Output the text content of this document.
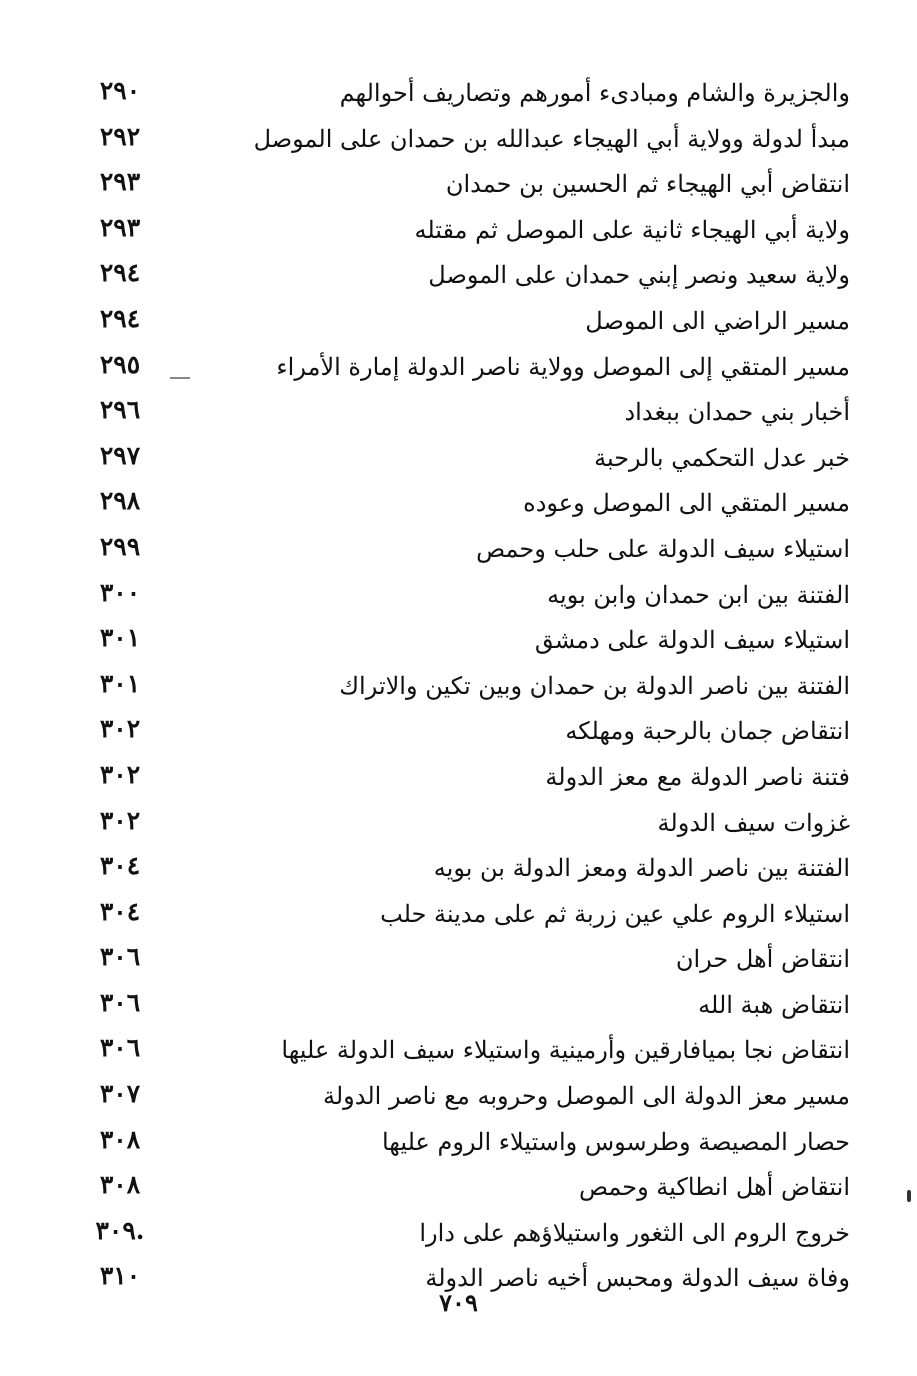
والجزيرة والشام ومبادىء أمورهم وتصاريف أحوالهم
٢٩٠
مبدأ لدولة وولاية أبي الهيجاء عبدالله بن حمدان على الموصل
٢٩٢
انتقاض أبي الهيجاء ثم الحسين بن حمدان
٢٩٣
ولاية أبي الهيجاء ثانية على الموصل ثم مقتله
٢٩٣
ولاية سعيد ونصر إبني حمدان على الموصل
٢٩٤
مسير الراضي الى الموصل
٢٩٤
مسير المتقي إلى الموصل وولاية ناصر الدولة إمارة الأمراء
٢٩٥
أخبار بني حمدان ببغداد
٢٩٦
خبر عدل التحكمي بالرحبة
٢٩٧
مسير المتقي الى الموصل وعوده
٢٩٨
استيلاء سيف الدولة على حلب وحمص
٢٩٩
الفتنة بين ابن حمدان وابن بويه
٣٠٠
استيلاء سيف الدولة على دمشق
٣٠١
الفتنة بين ناصر الدولة بن حمدان وبين تكين والاتراك
٣٠١
انتقاض جمان بالرحبة ومهلكه
٣٠٢
فتنة ناصر الدولة مع معز الدولة
٣٠٢
غزوات سيف الدولة
٣٠٢
الفتنة بين ناصر الدولة ومعز الدولة بن بويه
٣٠٤
استيلاء الروم علي عين زربة ثم على مدينة حلب
٣٠٤
انتقاض أهل حران
٣٠٦
انتقاض هبة الله
٣٠٦
انتقاض نجا بميافارقين وأرمينية واستيلاء سيف الدولة عليها
٣٠٦
مسير معز الدولة الى الموصل وحروبه مع ناصر الدولة
٣٠٧
حصار المصيصة وطرسوس واستيلاء الروم عليها
٣٠٨
انتقاض أهل انطاكية وحمص
٣٠٨
خروج الروم الى الثغور واستيلاؤهم على دارا
٣٠٩.
وفاة سيف الدولة ومحبس أخيه ناصر الدولة
٣١٠
٧٠٩
